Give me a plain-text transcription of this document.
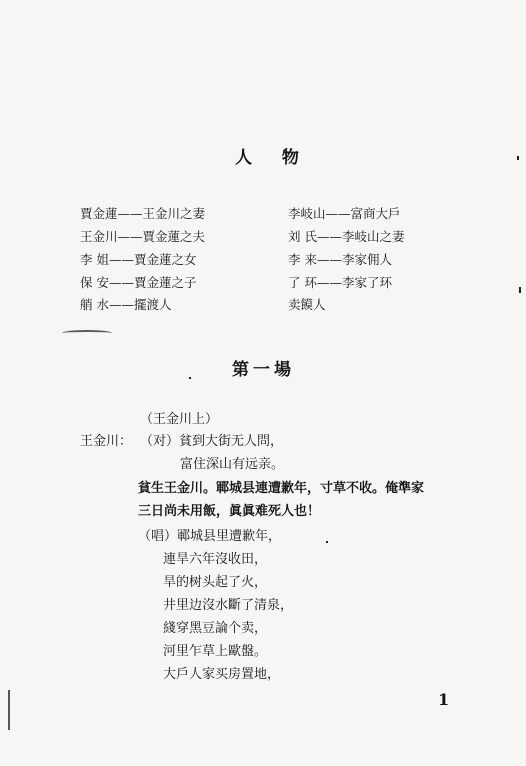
人 物
賈金蓮——王金川之妻
王金川——賈金蓮之夫
李 姐——賈金蓮之女
保 安——賈金蓮之子
艄 水——擺渡人
李岐山——富商大戶
刘 氏——李岐山之妻
李 来——李家佣人
了 环——李家了环
卖饃人
第一場
（王金川上）
王金川： （对）貧到大街无人問，
富住深山有远亲。
貧生王金川。鄆城县連遭歉年，寸草不收。俺準家
三日尚未用飯，眞眞难死人也！
（唱）鄆城县里遭歉年，
連旱六年沒收田，
旱的树头起了火，
井里边沒水斷了清泉，
綫穿黑豆論个卖，
河里乍草上歐盤。
大戶人家买房置地，
1
